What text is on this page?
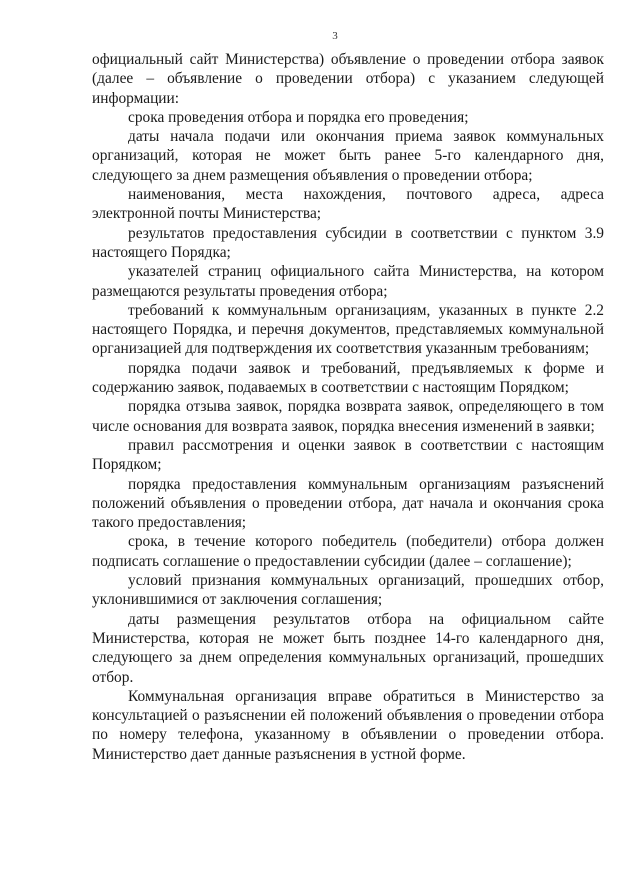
3

официальный сайт Министерства) объявление о проведении отбора заявок (далее – объявление о проведении отбора) с указанием следующей информации:

срока проведения отбора и порядка его проведения;

даты начала подачи или окончания приема заявок коммунальных организаций, которая не может быть ранее 5-го календарного дня, следующего за днем размещения объявления о проведении отбора;

наименования, места нахождения, почтового адреса, адреса электронной почты Министерства;

результатов предоставления субсидии в соответствии с пунктом 3.9 настоящего Порядка;

указателей страниц официального сайта Министерства, на котором размещаются результаты проведения отбора;

требований к коммунальным организациям, указанных в пункте 2.2 настоящего Порядка, и перечня документов, представляемых коммунальной организацией для подтверждения их соответствия указанным требованиям;

порядка подачи заявок и требований, предъявляемых к форме и содержанию заявок, подаваемых в соответствии с настоящим Порядком;

порядка отзыва заявок, порядка возврата заявок, определяющего в том числе основания для возврата заявок, порядка внесения изменений в заявки;

правил рассмотрения и оценки заявок в соответствии с настоящим Порядком;

порядка предоставления коммунальным организациям разъяснений положений объявления о проведении отбора, дат начала и окончания срока такого предоставления;

срока, в течение которого победитель (победители) отбора должен подписать соглашение о предоставлении субсидии (далее – соглашение);

условий признания коммунальных организаций, прошедших отбор, уклонившимися от заключения соглашения;

даты размещения результатов отбора на официальном сайте Министерства, которая не может быть позднее 14-го календарного дня, следующего за днем определения коммунальных организаций, прошедших отбор.

Коммунальная организация вправе обратиться в Министерство за консультацией о разъяснении ей положений объявления о проведении отбора по номеру телефона, указанному в объявлении о проведении отбора. Министерство дает данные разъяснения в устной форме.
